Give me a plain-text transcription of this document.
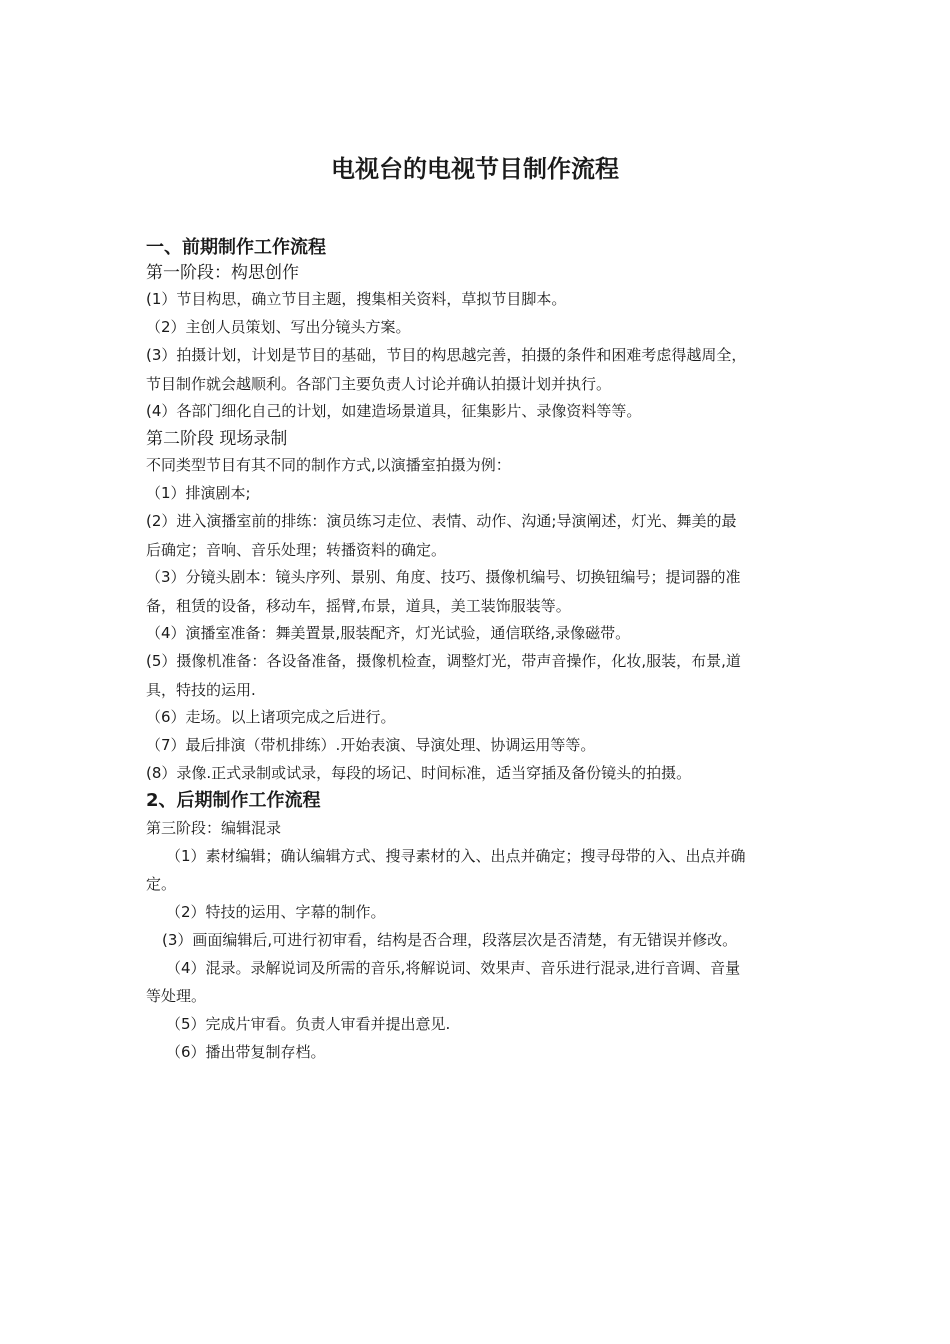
电视台的电视节目制作流程
一、前期制作工作流程
第一阶段：构思创作
(1）节目构思，确立节目主题，搜集相关资料，草拟节目脚本。
（2）主创人员策划、写出分镜头方案。
(3）拍摄计划，计划是节目的基础，节目的构思越完善，拍摄的条件和困难考虑得越周全，
节目制作就会越顺利。各部门主要负责人讨论并确认拍摄计划并执行。
(4）各部门细化自己的计划，如建造场景道具，征集影片、录像资料等等。
第二阶段 现场录制
不同类型节目有其不同的制作方式,以演播室拍摄为例：
（1）排演剧本;
(2）进入演播室前的排练：演员练习走位、表情、动作、沟通;导演阐述，灯光、舞美的最
后确定；音响、音乐处理；转播资料的确定。
（3）分镜头剧本：镜头序列、景别、角度、技巧、摄像机编号、切换钮编号；提词器的准
备，租赁的设备，移动车，摇臂,布景，道具，美工装饰服装等。
（4）演播室准备：舞美置景,服装配齐，灯光试验，通信联络,录像磁带。
(5）摄像机准备：各设备准备，摄像机检查，调整灯光，带声音操作，化妆,服装，布景,道
具，特技的运用.
（6）走场。以上诸项完成之后进行。
（7）最后排演（带机排练）.开始表演、导演处理、协调运用等等。
(8）录像.正式录制或试录，每段的场记、时间标准，适当穿插及备份镜头的拍摄。
2、后期制作工作流程
第三阶段：编辑混录
（1）素材编辑；确认编辑方式、搜寻素材的入、出点并确定；搜寻母带的入、出点并确
定。
（2）特技的运用、字幕的制作。
(3）画面编辑后,可进行初审看，结构是否合理，段落层次是否清楚，有无错误并修改。
（4）混录。录解说词及所需的音乐,将解说词、效果声、音乐进行混录,进行音调、音量
等处理。
（5）完成片审看。负责人审看并提出意见.
（6）播出带复制存档。
